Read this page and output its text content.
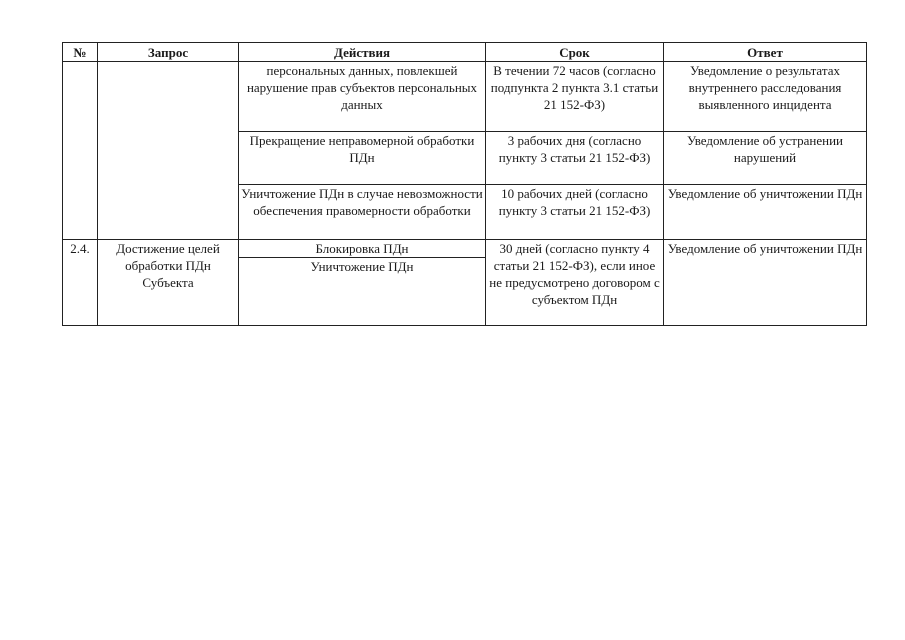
№	Запрос	Действия	Срок	Ответ
		персональных данных, повлекшей нарушение прав субъектов персональных данных	В течении 72 часов (согласно подпункта 2 пункта 3.1 статьи 21 152-ФЗ)	Уведомление о результатах внутреннего расследования выявленного инцидента
		Прекращение неправомерной обработки ПДн	3 рабочих дня (согласно пункту 3 статьи 21 152-ФЗ)	Уведомление об устранении нарушений
		Уничтожение ПДн в случае невозможности обеспечения правомерности обработки	10 рабочих дней (согласно пункту 3 статьи 21 152-ФЗ)	Уведомление об уничтожении ПДн
2.4.	Достижение целей обработки ПДн Субъекта	Блокировка ПДн	30 дней (согласно пункту 4 статьи 21 152-ФЗ), если иное не предусмотрено договором с субъектом ПДн	Уведомление об уничтожении ПДн
		Уничтожение ПДн		
